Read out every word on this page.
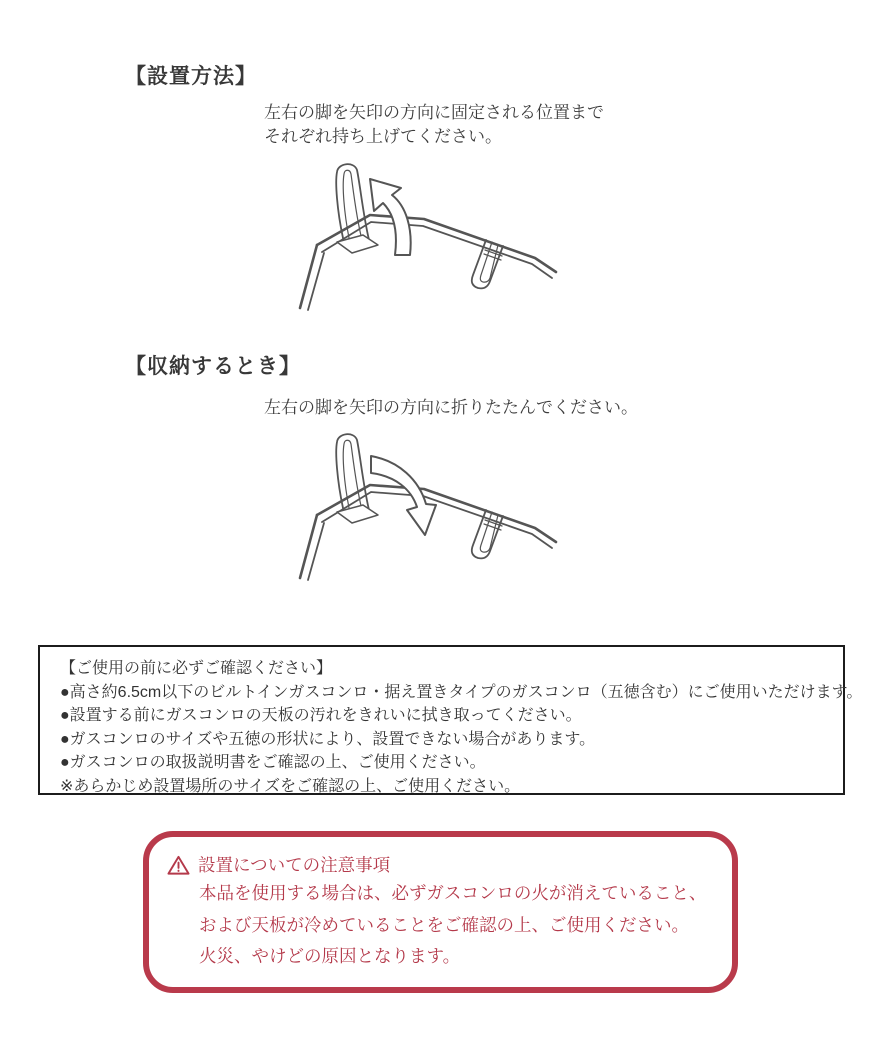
【設置方法】
左右の脚を矢印の方向に固定される位置まで
それぞれ持ち上げてください。
【収納するとき】
左右の脚を矢印の方向に折りたたんでください。
【ご使用の前に必ずご確認ください】
●高さ約6.5cm以下のビルトインガスコンロ・据え置きタイプのガスコンロ（五徳含む）にご使用いただけます。
●設置する前にガスコンロの天板の汚れをきれいに拭き取ってください。
●ガスコンロのサイズや五徳の形状により、設置できない場合があります。
●ガスコンロの取扱説明書をご確認の上、ご使用ください。
※あらかじめ設置場所のサイズをご確認の上、ご使用ください。
設置についての注意事項
本品を使用する場合は、必ずガスコンロの火が消えていること、
および天板が冷めていることをご確認の上、ご使用ください。
火災、やけどの原因となります。
